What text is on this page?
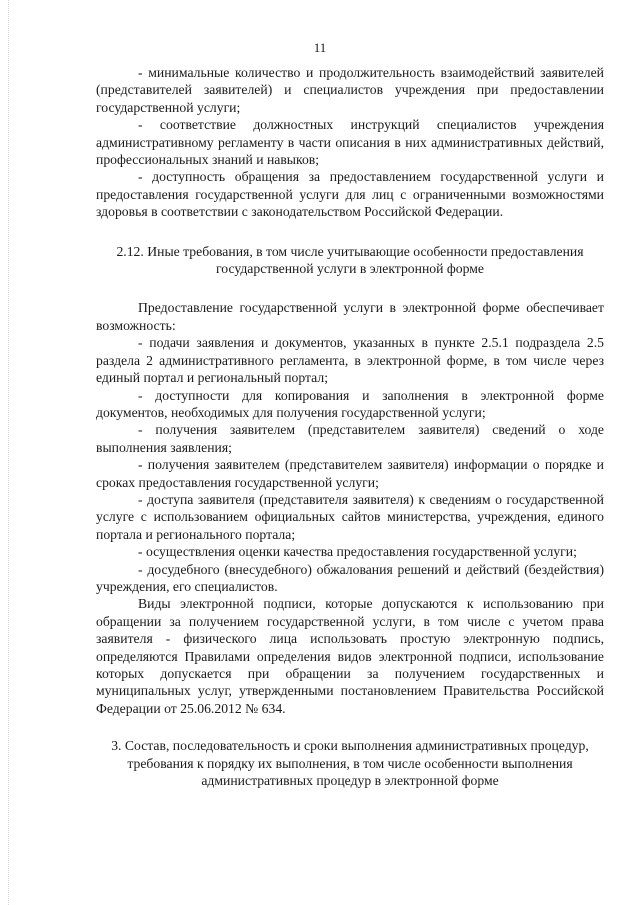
11

- минимальные количество и продолжительность взаимодействий заявителей (представителей заявителей) и специалистов учреждения при предоставлении государственной услуги;

- соответствие должностных инструкций специалистов учреждения административному регламенту в части описания в них административных действий, профессиональных знаний и навыков;

- доступность обращения за предоставлением государственной услуги и предоставления государственной услуги для лиц с ограниченными возможностями здоровья в соответствии с законодательством Российской Федерации.

2.12. Иные требования, в том числе учитывающие особенности предоставления государственной услуги в электронной форме

Предоставление государственной услуги в электронной форме обеспечивает возможность:

- подачи заявления и документов, указанных в пункте 2.5.1 подраздела 2.5 раздела 2 административного регламента, в электронной форме, в том числе через единый портал и региональный портал;

- доступности для копирования и заполнения в электронной форме документов, необходимых для получения государственной услуги;

- получения заявителем (представителем заявителя) сведений о ходе выполнения заявления;

- получения заявителем (представителем заявителя) информации о порядке и сроках предоставления государственной услуги;

- доступа заявителя (представителя заявителя) к сведениям о государственной услуге с использованием официальных сайтов министерства, учреждения, единого портала и регионального портала;

- осуществления оценки качества предоставления государственной услуги;

- досудебного (внесудебного) обжалования решений и действий (бездействия) учреждения, его специалистов.

Виды электронной подписи, которые допускаются к использованию при обращении за получением государственной услуги, в том числе с учетом права заявителя - физического лица использовать простую электронную подпись, определяются Правилами определения видов электронной подписи, использование которых допускается при обращении за получением государственных и муниципальных услуг, утвержденными постановлением Правительства Российской Федерации от 25.06.2012 № 634.

3. Состав, последовательность и сроки выполнения административных процедур, требования к порядку их выполнения, в том числе особенности выполнения административных процедур в электронной форме
